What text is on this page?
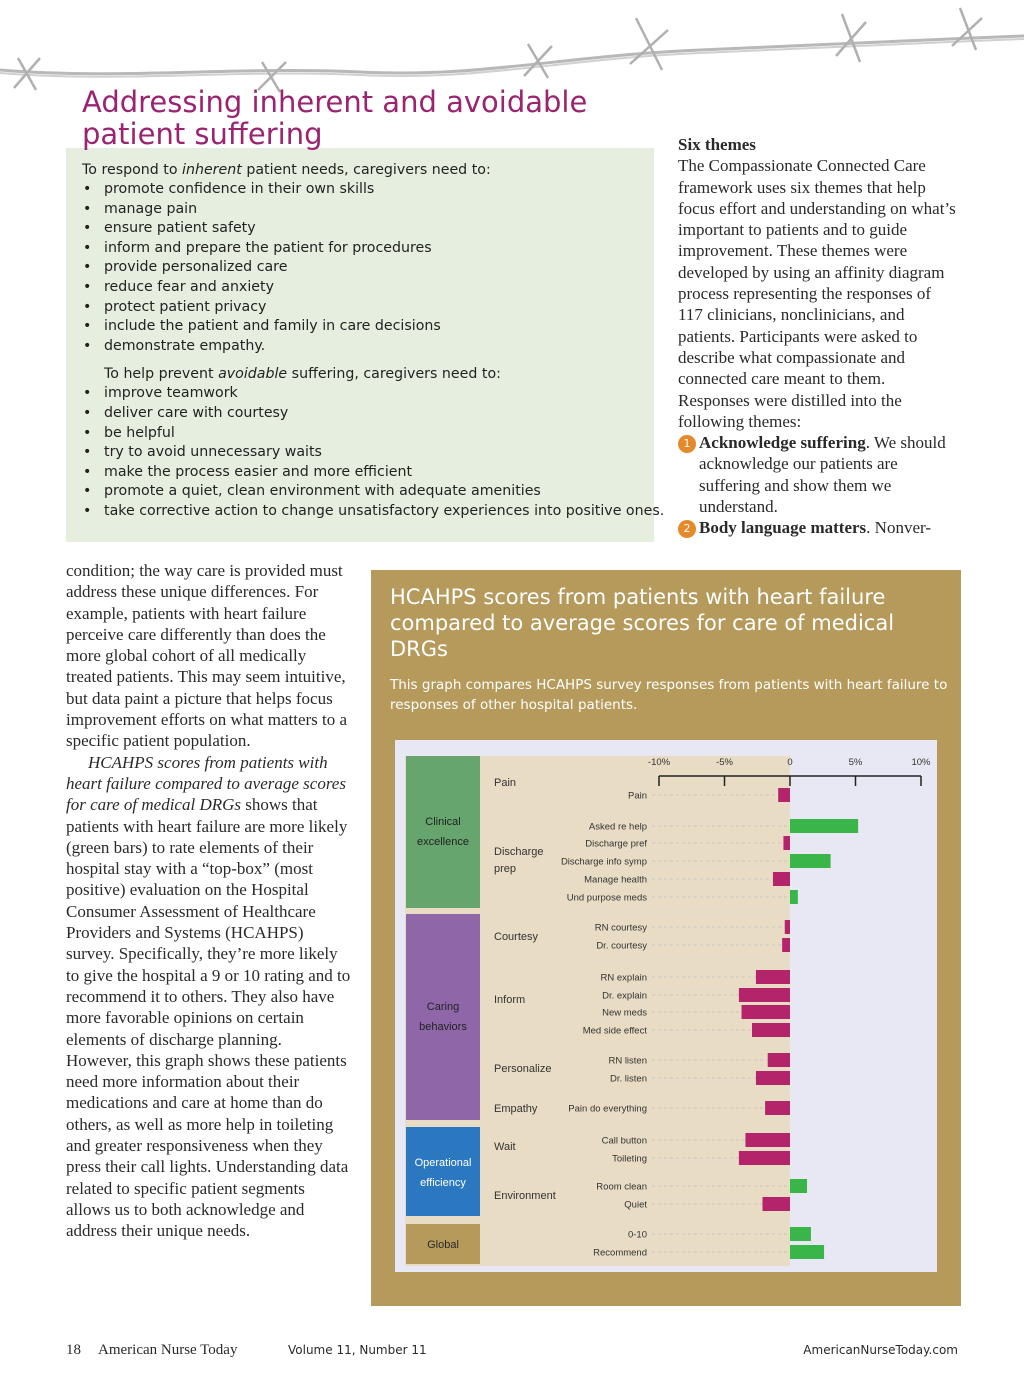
Addressing inherent and avoidable patient suffering
To respond to inherent patient needs, caregivers need to:
• promote confidence in their own skills
• manage pain
• ensure patient safety
• inform and prepare the patient for procedures
• provide personalized care
• reduce fear and anxiety
• protect patient privacy
• include the patient and family in care decisions
• demonstrate empathy.
To help prevent avoidable suffering, caregivers need to:
• improve teamwork
• deliver care with courtesy
• be helpful
• try to avoid unnecessary waits
• make the process easier and more efficient
• promote a quiet, clean environment with adequate amenities
• take corrective action to change unsatisfactory experiences into positive ones.
Six themes

The Compassionate Connected Care framework uses six themes that help focus effort and understanding on what’s important to patients and to guide improvement. These themes were developed by using an affinity diagram process representing the responses of 117 clinicians, nonclinicians, and patients. Participants were asked to describe what compassionate and connected care meant to them. Responses were distilled into the following themes:

1 Acknowledge suffering. We should acknowledge our patients are suffering and show them we understand.

2 Body language matters. Nonver-

condition; the way care is provided must address these unique differences. For example, patients with heart failure perceive care differently than does the more global cohort of all medically treated patients. This may seem intuitive, but data paint a picture that helps focus improvement efforts on what matters to a specific patient population.

HCAHPS scores from patients with heart failure compared to average scores for care of medical DRGs shows that patients with heart failure are more likely (green bars) to rate elements of their hospital stay with a “top-box” (most positive) evaluation on the Hospital Consumer Assessment of Healthcare Providers and Systems (HCAHPS) survey. Specifically, they’re more likely to give the hospital a 9 or 10 rating and to recommend it to others. They also have more favorable opinions on certain elements of discharge planning. However, this graph shows these patients need more information about their medications and care at home than do others, as well as more help in toileting and greater responsiveness when they press their call lights. Understanding data related to specific patient segments allows us to both acknowledge and address their unique needs.

HCAHPS scores from patients with heart failure compared to average scores for care of medical DRGs
This graph compares HCAHPS survey responses from patients with heart failure to responses of other hospital patients.
Clinical
excellence
Caring
behaviors
Operational
efficiency
Global
Pain
Discharge
prep
Courtesy
Inform
Personalize
Empathy
Wait
Environment
-10%	-5%	0	5%	10%
Pain
Asked re help
Discharge pref
Discharge info symp
Manage health
Und purpose meds
RN courtesy
Dr. courtesy
RN explain
Dr. explain
New meds
Med side effect
RN listen
Dr. listen
Pain do everything
Call button
Toileting
Room clean
Quiet
0-10
Recommend
18 American Nurse Today	Volume 11, Number 11	AmericanNurseToday.com
